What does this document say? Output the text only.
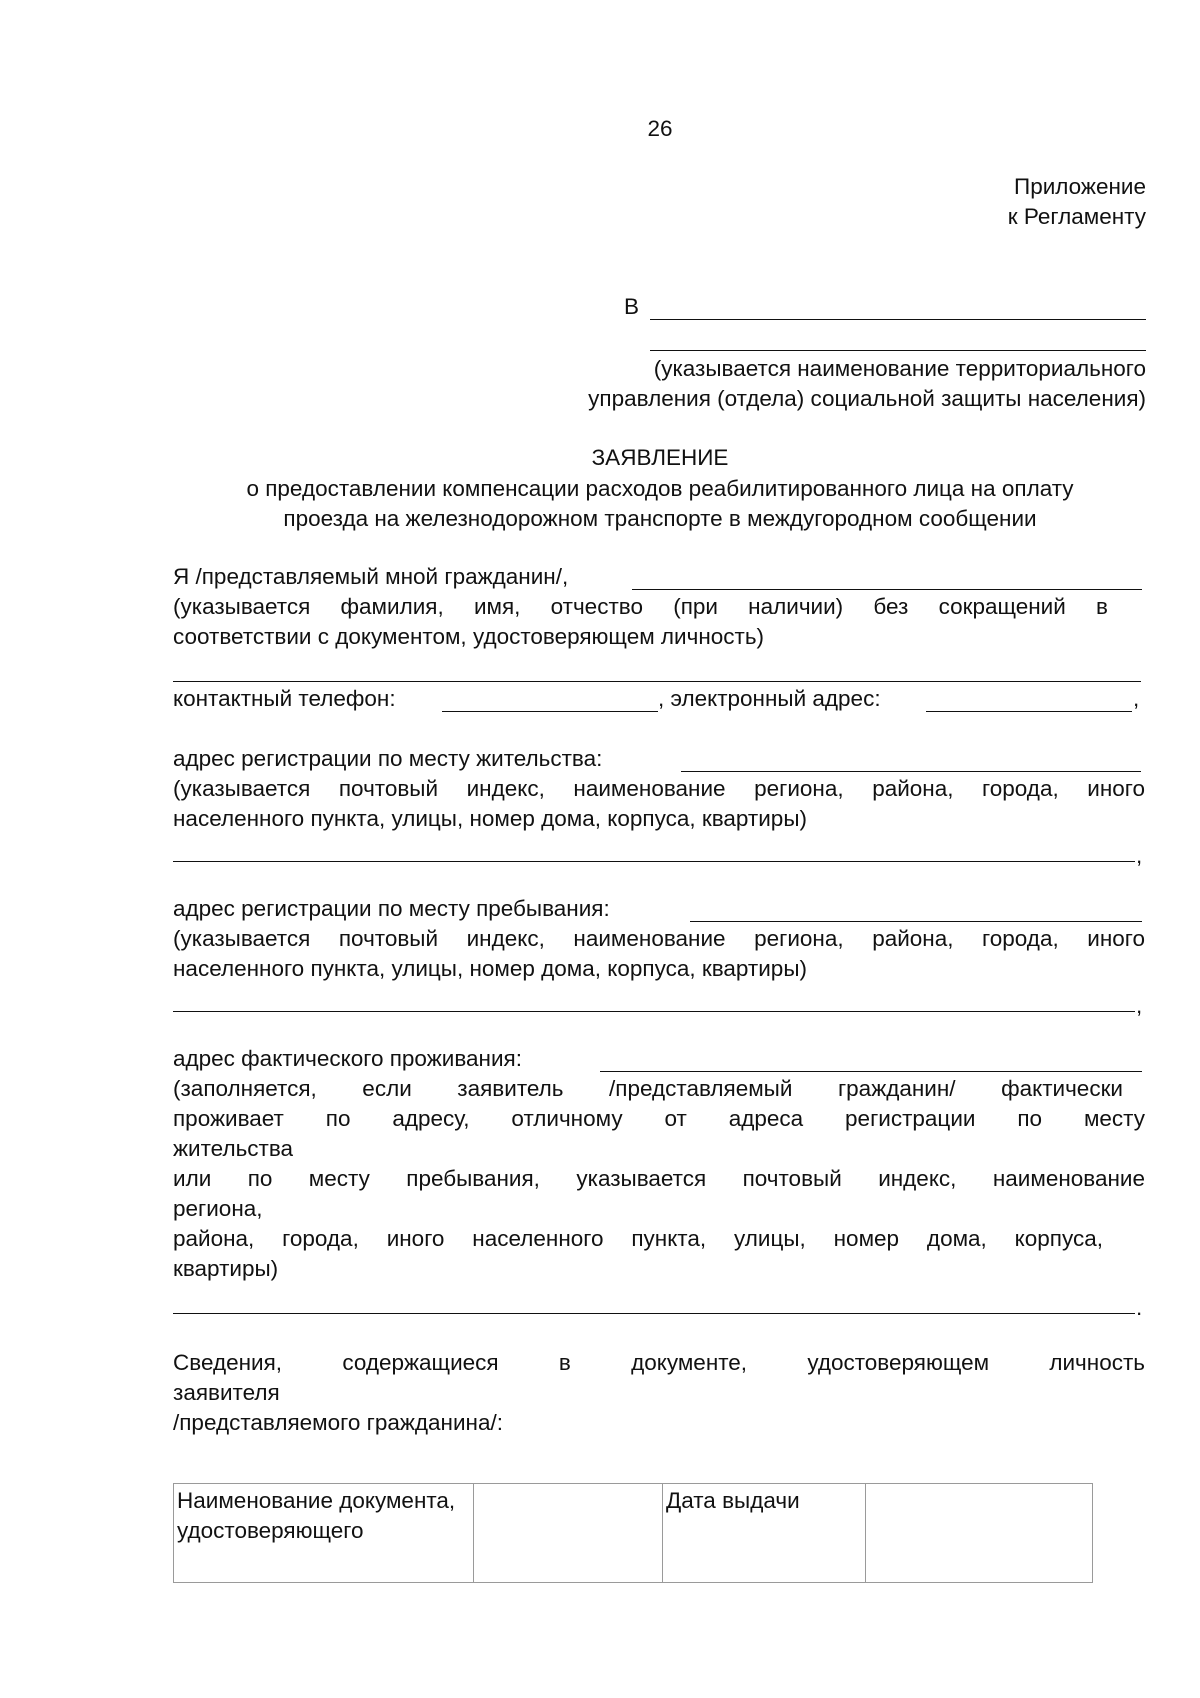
26
Приложение
к Регламенту
В
(указывается наименование территориального
управления (отдела) социальной защиты населения)
ЗАЯВЛЕНИЕ
о предоставлении компенсации расходов реабилитированного лица на оплату
проезда на железнодорожном транспорте в междугородном сообщении
Я /представляемый мной гражданин/,
(указывается фамилия, имя, отчество (при наличии) без сокращений в
соответствии с документом, удостоверяющем личность)
контактный телефон:	, электронный адрес:	,
адрес регистрации по месту жительства:
(указывается почтовый индекс, наименование региона, района, города, иного
населенного пункта, улицы, номер дома, корпуса, квартиры)
,
адрес регистрации по месту пребывания:
(указывается почтовый индекс, наименование региона, района, города, иного
населенного пункта, улицы, номер дома, корпуса, квартиры)
,
адрес фактического проживания:
(заполняется, если заявитель /представляемый гражданин/ фактически
проживает по адресу, отличному от адреса регистрации по месту
жительства
или по месту пребывания, указывается почтовый индекс, наименование
региона,
района, города, иного населенного пункта, улицы, номер дома, корпуса,
квартиры)
.
Сведения, содержащиеся в документе, удостоверяющем личность
заявителя
/представляемого гражданина/:
Наименование документа, удостоверяющего		Дата выдачи	
